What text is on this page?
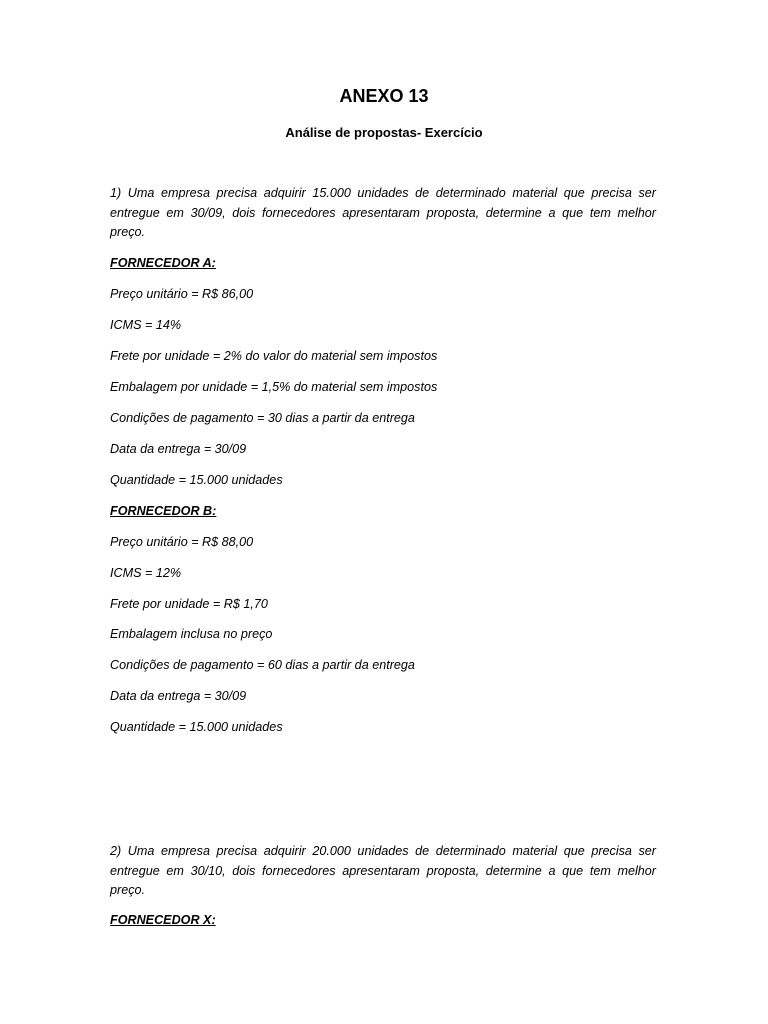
ANEXO 13
Análise de propostas- Exercício
1) Uma empresa precisa adquirir 15.000 unidades de determinado material que precisa ser entregue em 30/09, dois fornecedores apresentaram proposta, determine a que tem melhor preço.
FORNECEDOR A:
Preço unitário = R$ 86,00
ICMS = 14%
Frete por unidade = 2% do valor do material sem impostos
Embalagem por unidade = 1,5% do material sem impostos
Condições de pagamento = 30 dias a partir da entrega
Data da entrega = 30/09
Quantidade = 15.000 unidades
FORNECEDOR B:
Preço unitário = R$ 88,00
ICMS = 12%
Frete por unidade = R$ 1,70
Embalagem inclusa no preço
Condições de pagamento = 60 dias a partir da entrega
Data da entrega = 30/09
Quantidade = 15.000 unidades
2) Uma empresa precisa adquirir 20.000 unidades de determinado material que precisa ser entregue em 30/10, dois fornecedores apresentaram proposta, determine a que tem melhor preço.
FORNECEDOR X:
